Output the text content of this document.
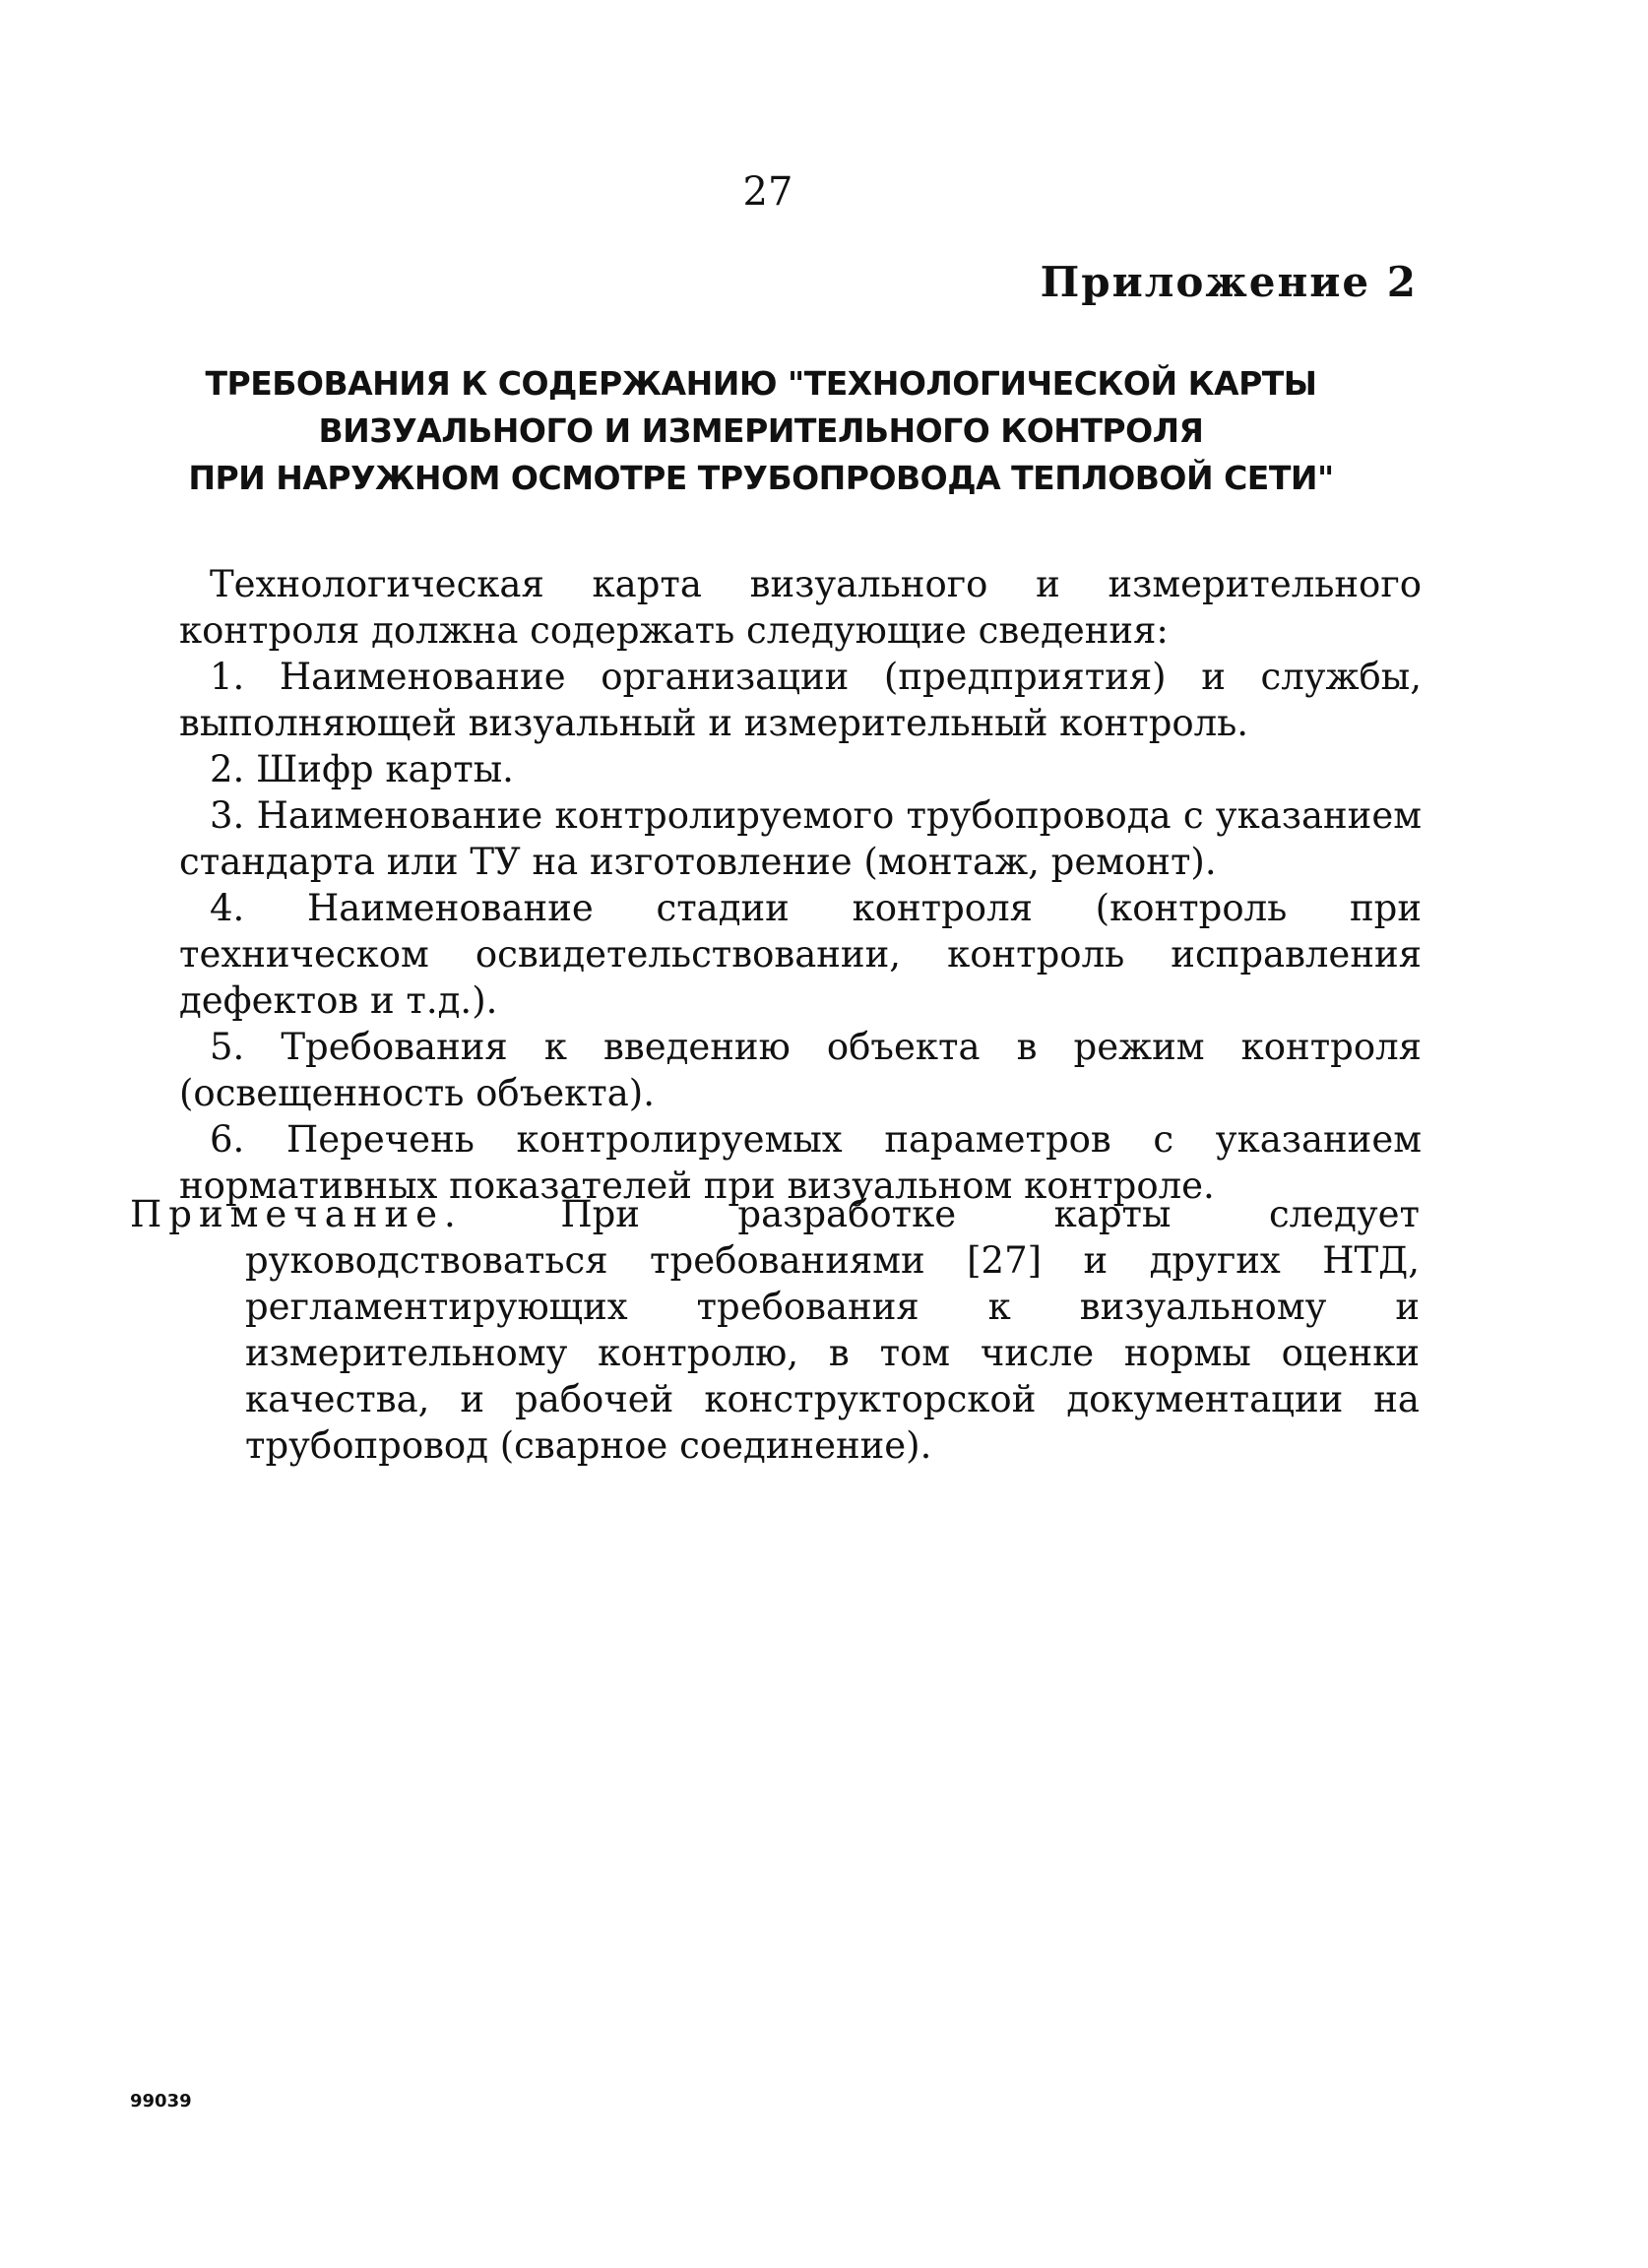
27
Приложение 2
ТРЕБОВАНИЯ К СОДЕРЖАНИЮ "ТЕХНОЛОГИЧЕСКОЙ КАРТЫ
ВИЗУАЛЬНОГО И ИЗМЕРИТЕЛЬНОГО КОНТРОЛЯ
ПРИ НАРУЖНОМ ОСМОТРЕ ТРУБОПРОВОДА ТЕПЛОВОЙ СЕТИ"
Технологическая карта визуального и измерительного контроля должна содержать следующие сведения:
1. Наименование организации (предприятия) и службы, выполняющей визуальный и измерительный контроль.
2. Шифр карты.
3. Наименование контролируемого трубопровода с указанием стандарта или ТУ на изготовление (монтаж, ремонт).
4. Наименование стадии контроля (контроль при техническом освидетельствовании, контроль исправления дефектов и т.д.).
5. Требования к введению объекта в режим контроля (освещенность объекта).
6. Перечень контролируемых параметров с указанием нормативных показателей при визуальном контроле.
Примечание.	При разработке карты следует руководствоваться требованиями [27] и других НТД, регламентирующих требования к визуальному и измерительному контролю, в том числе нормы оценки качества, и рабочей конструкторской документации на трубопровод (сварное соединение).
99039
